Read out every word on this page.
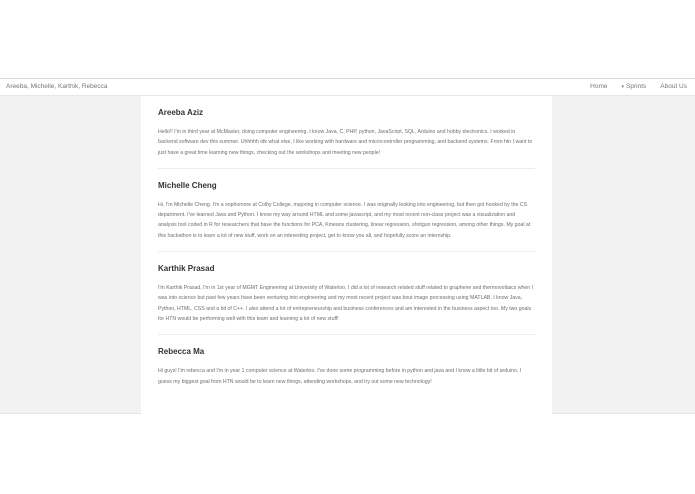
Areeba, Michelle, Karthik, Rebecca	Home	▾ Sprints About Us
Areeba Aziz
Hello!! I'm in third year at McMaster, doing computer engineering. I know Java, C, PHP, python, JavaScript, SQL, Arduino and hobby electronics. I worked in backend software dev this summer. Uhhhhh idk what else, I like working with hardware and microcontroller programming, and backend systems. From htn I want to just have a great time learning new things, checking out the workshops and meeting new people!
Michelle Cheng
Hi, I'm Michelle Cheng. I'm a sophomore at Colby College, majoring in computer science. I was originally looking into engineering, but then got hooked by the CS department. I've learned Java and Python. I know my way around HTML and some javascript, and my most recent non-class project was a visualization and analysis tool coded in R for researchers that have the functions for PCA, Kmeans clustering, linear regression, shotgun regression, among other things. My goal at this hackathon is to learn a lot of new stuff, work on an interesting project, get to know you all, and hopefully score an internship.
Karthik Prasad
I'm Karthik Prasad, I'm in 1st year of MGMT Engineering at University of Waterloo. I did a lot of research related stuff related to graphene and thermovoltaics when I was into science but past few years have been venturing into engineering and my most recent project was bout image processing using MATLAB. I know Java, Python, HTML, CSS and a bit of C++. I also attend a lot of entrepreneurship and business conferences and am interested in the business aspect too. My two goals for HTN would be performing well with this team and learning a lot of new stuff!
Rebecca Ma
Hi guys! I'm rebecca and I'm in year 1 computer science at Waterloo. I've done some programming before in python and java and I know a little bit of arduino. I guess my biggest goal from HTN would be to learn new things, attending workshops, and try out some new technology!
